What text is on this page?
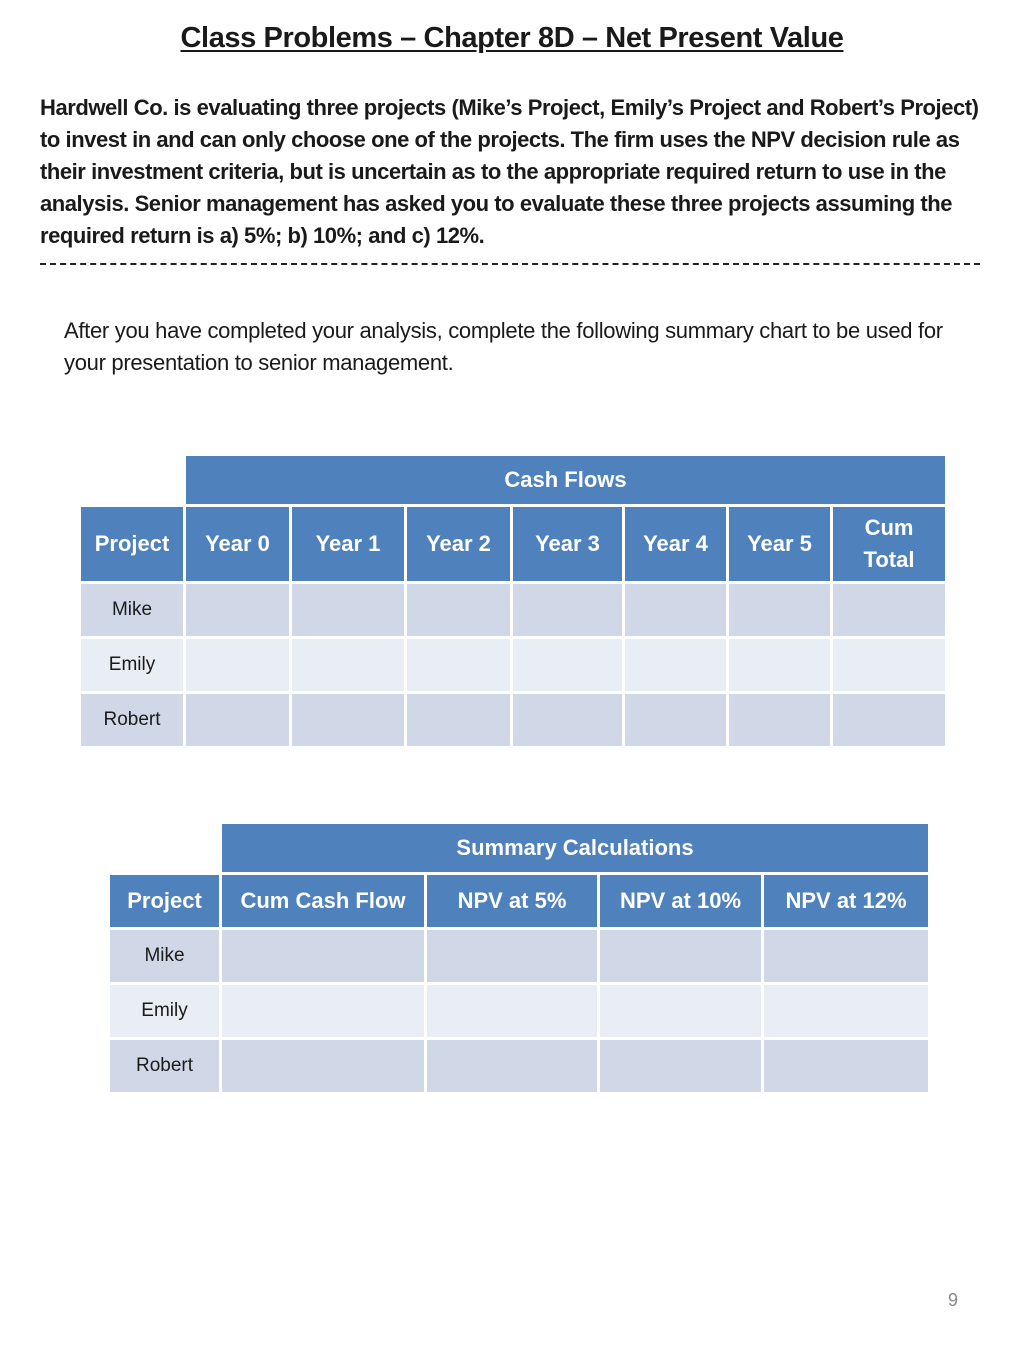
Class Problems – Chapter 8D – Net Present Value

Hardwell Co. is evaluating three projects (Mike’s Project, Emily’s Project and Robert’s Project) to invest in and can only choose one of the projects. The firm uses the NPV decision rule as their investment criteria, but is uncertain as to the appropriate required return to use in the analysis. Senior management has asked you to evaluate these three projects assuming the required return is a) 5%; b) 10%; and c) 12%.

After you have completed your analysis, complete the following summary chart to be used for your presentation to senior management.

	Cash Flows						
Project	Year 0	Year 1	Year 2	Year 3	Year 4	Year 5	Cum Total
Mike							
Emily							
Robert							
	Summary Calculations			
Project	Cum Cash Flow	NPV at 5%	NPV at 10%	NPV at 12%
Mike				
Emily				
Robert				
9
